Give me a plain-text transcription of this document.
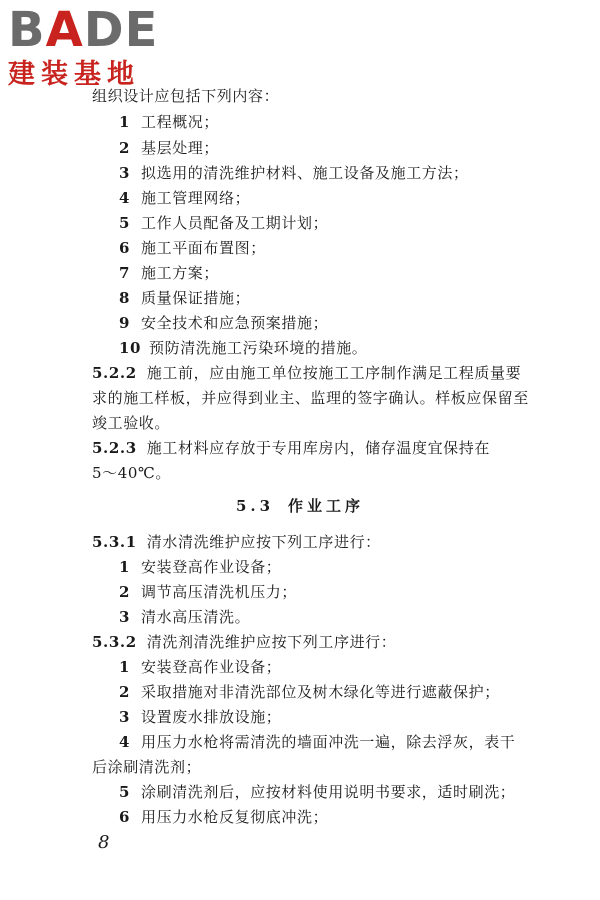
BADE
建装基地
组织设计应包括下列内容：
1 工程概况；
2 基层处理；
3 拟选用的清洗维护材料、施工设备及施工方法；
4 施工管理网络；
5 工作人员配备及工期计划；
6 施工平面布置图；
7 施工方案；
8 质量保证措施；
9 安全技术和应急预案措施；
10 预防清洗施工污染环境的措施。
5.2.2 施工前，应由施工单位按施工工序制作满足工程质量要
求的施工样板，并应得到业主、监理的签字确认。样板应保留至
竣工验收。
5.2.3 施工材料应存放于专用库房内，储存温度宜保持在
5～40℃。
5.3 作业工序
5.3.1 清水清洗维护应按下列工序进行：
1 安装登高作业设备；
2 调节高压清洗机压力；
3 清水高压清洗。
5.3.2 清洗剂清洗维护应按下列工序进行：
1 安装登高作业设备；
2 采取措施对非清洗部位及树木绿化等进行遮蔽保护；
3 设置废水排放设施；
4 用压力水枪将需清洗的墙面冲洗一遍，除去浮灰，表干
后涂刷清洗剂；
5 涂刷清洗剂后，应按材料使用说明书要求，适时刷洗；
6 用压力水枪反复彻底冲洗；
8
